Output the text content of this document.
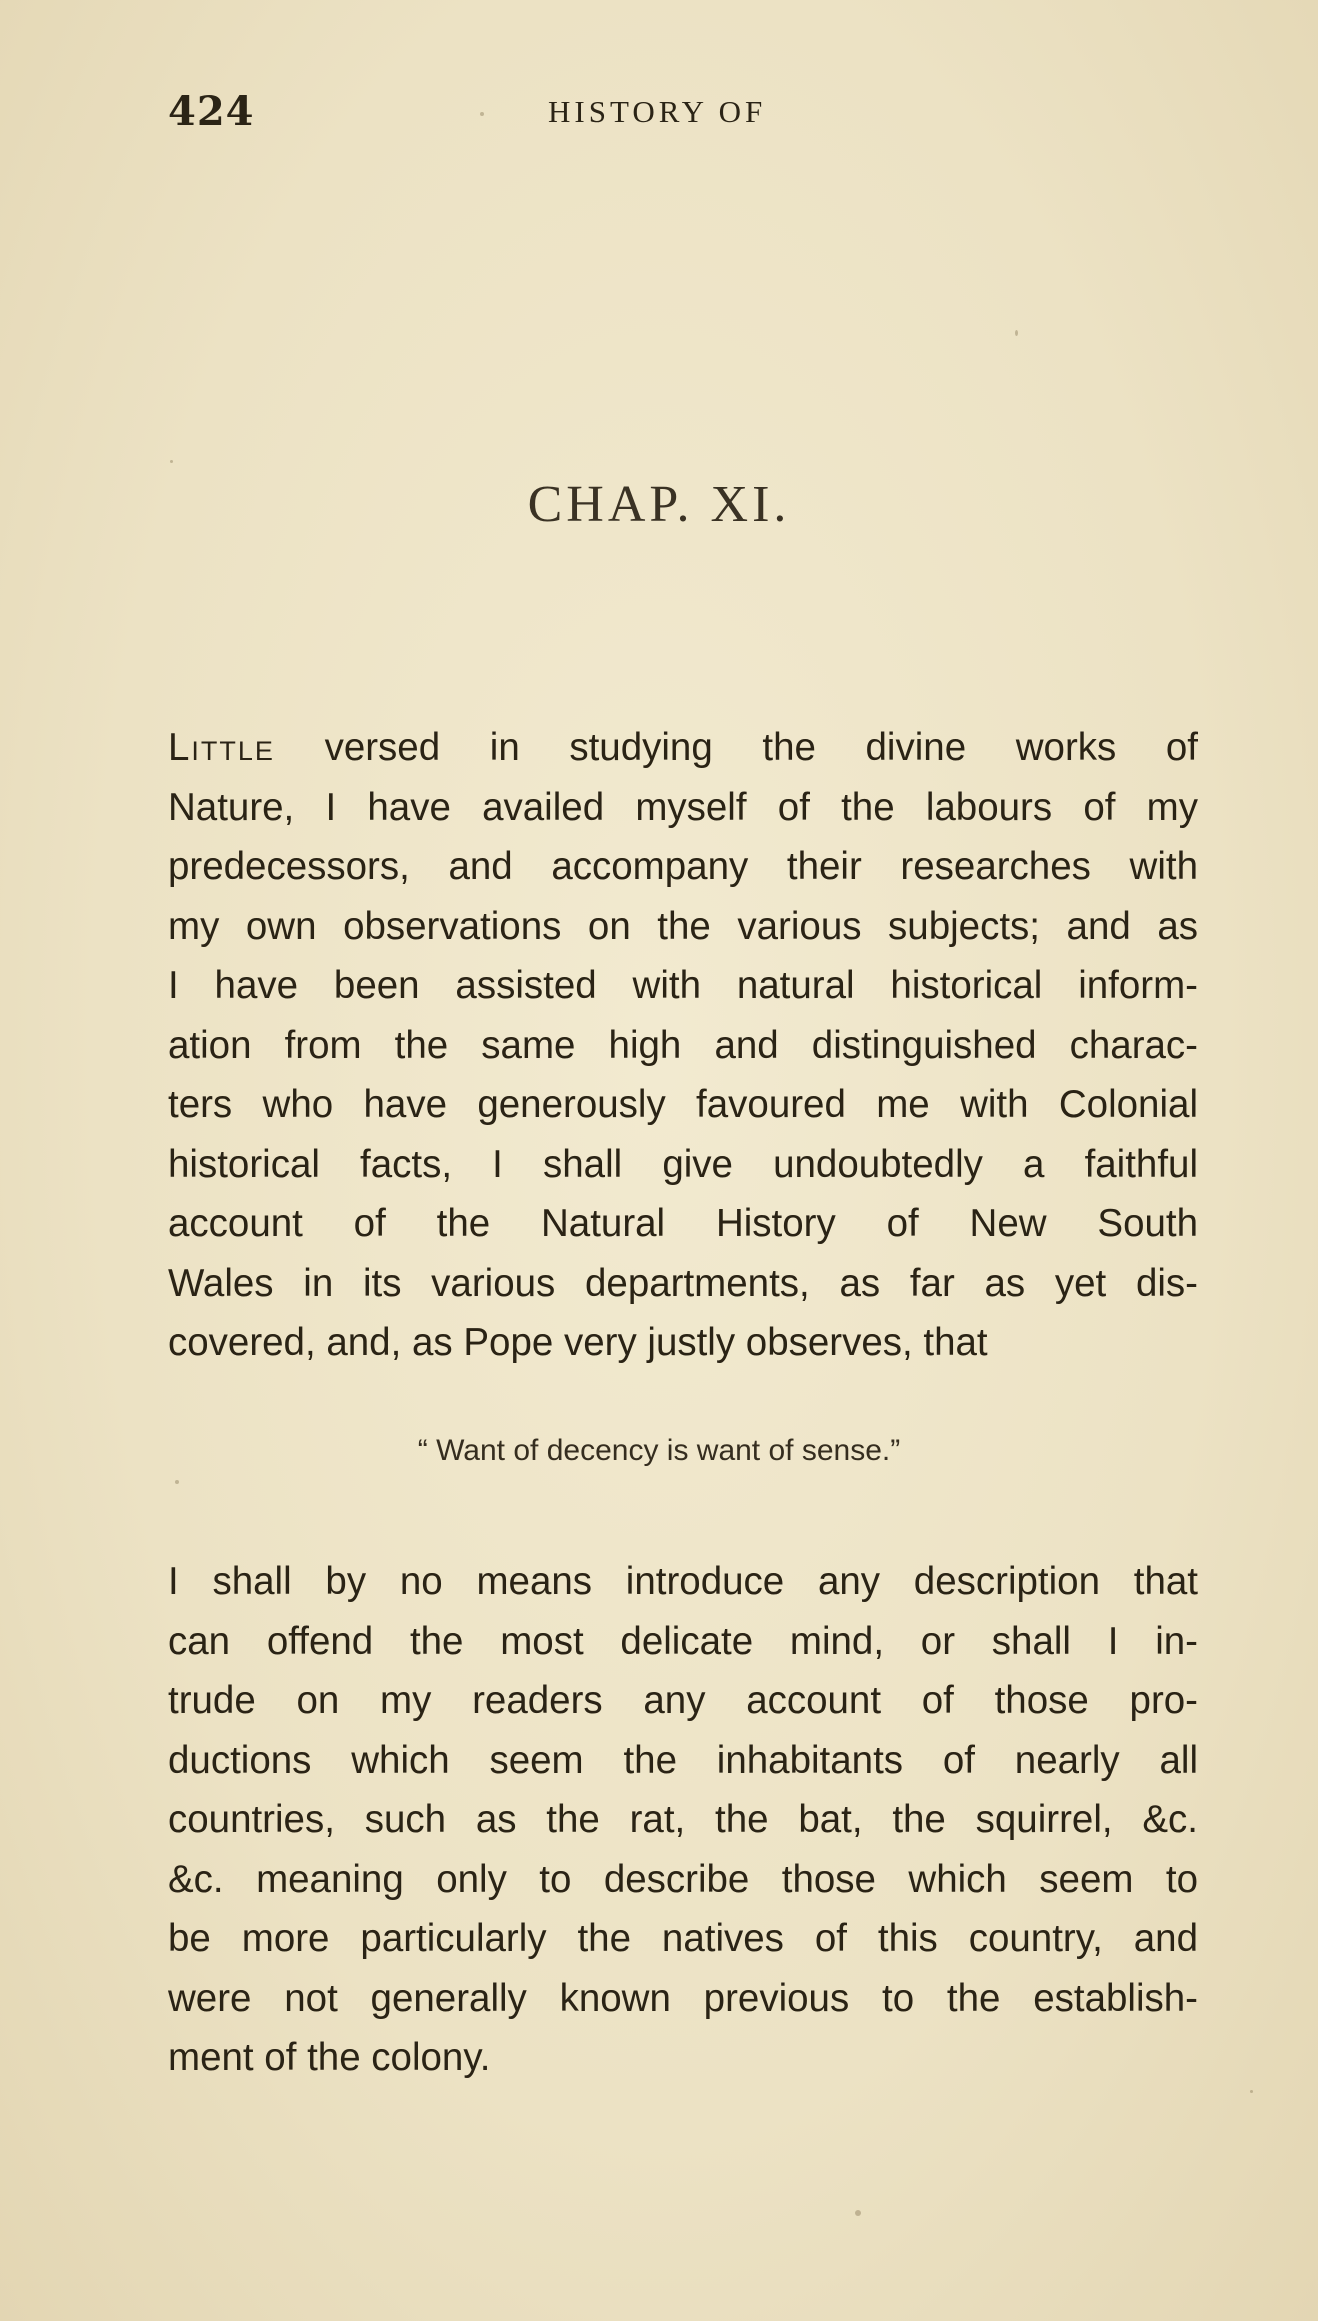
424	HISTORY OF
CHAP. XI.
Little versed in studying the divine works of
Nature, I have availed myself of the labours of my
predecessors, and accompany their researches with
my own observations on the various subjects; and as
I have been assisted with natural historical inform-
ation from the same high and distinguished charac-
ters who have generously favoured me with Colonial
historical facts, I shall give undoubtedly a faithful
account of the Natural History of New South
Wales in its various departments, as far as yet dis-
covered, and, as Pope very justly observes, that
“ Want of decency is want of sense.”
I shall by no means introduce any description that
can offend the most delicate mind, or shall I in-
trude on my readers any account of those pro-
ductions which seem the inhabitants of nearly all
countries, such as the rat, the bat, the squirrel, &c.
&c. meaning only to describe those which seem to
be more particularly the natives of this country, and
were not generally known previous to the establish-
ment of the colony.
